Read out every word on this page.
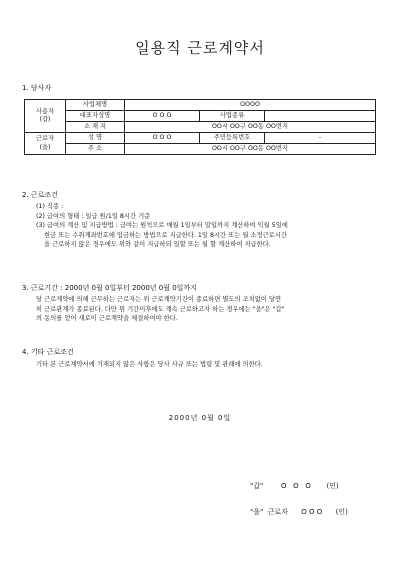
일용직 근로계약서
1. 당사자
사용자
(갑)	사업체명	OOOO		
	대표자성명	O O O	사업종류	
	소 재 지	OO시 OO구 OO동 OO번지		
근로자
(을)	성 명	O O O	주민등록번호	-
	주 소	OO시 OO구 OO동 OO번지		
2. 근로조건

(1) 직종 :

(2) 급여의 형태 : 일급 원/1일 8시간 기준

(3) 급여의 계산 및 지급방법 : 급여는 원칙으로 매월 1일부터 말일까지 계산하여 익월 5일에

현금 또는 수취계좌번호에 입금하는 방법으로 지급한다. 1일 8시간 또는 월 소정근로시간

을 근로하지 않은 경우에도 위와 같이 지급하되 일할 또는 월 할 계산하여 지급한다.

3. 근로기간 : 2000년 0월 0일부터 2000년 0월 0일까지

당 근로계약에 의해 근무하는 근로자는 위 근로계약기간이 종료하면 별도의 조치없이 당연

히 근로관계가 종료된다. 다만 위 기간이후에도 계속 근로하고자 하는 경우에는 "을"은 "갑"

의 동의를 얻어 새로이 근로계약을 체결하여야 한다.

4. 기타 근로조건

기타 본 근로계약서에 기재되지 않은 사항은 당사 사규 또는 법령 및 관례에 의한다.

2000년 0월 0일
"갑"        O   O   O       (인)
"을"  근로자      O O O      (인)
